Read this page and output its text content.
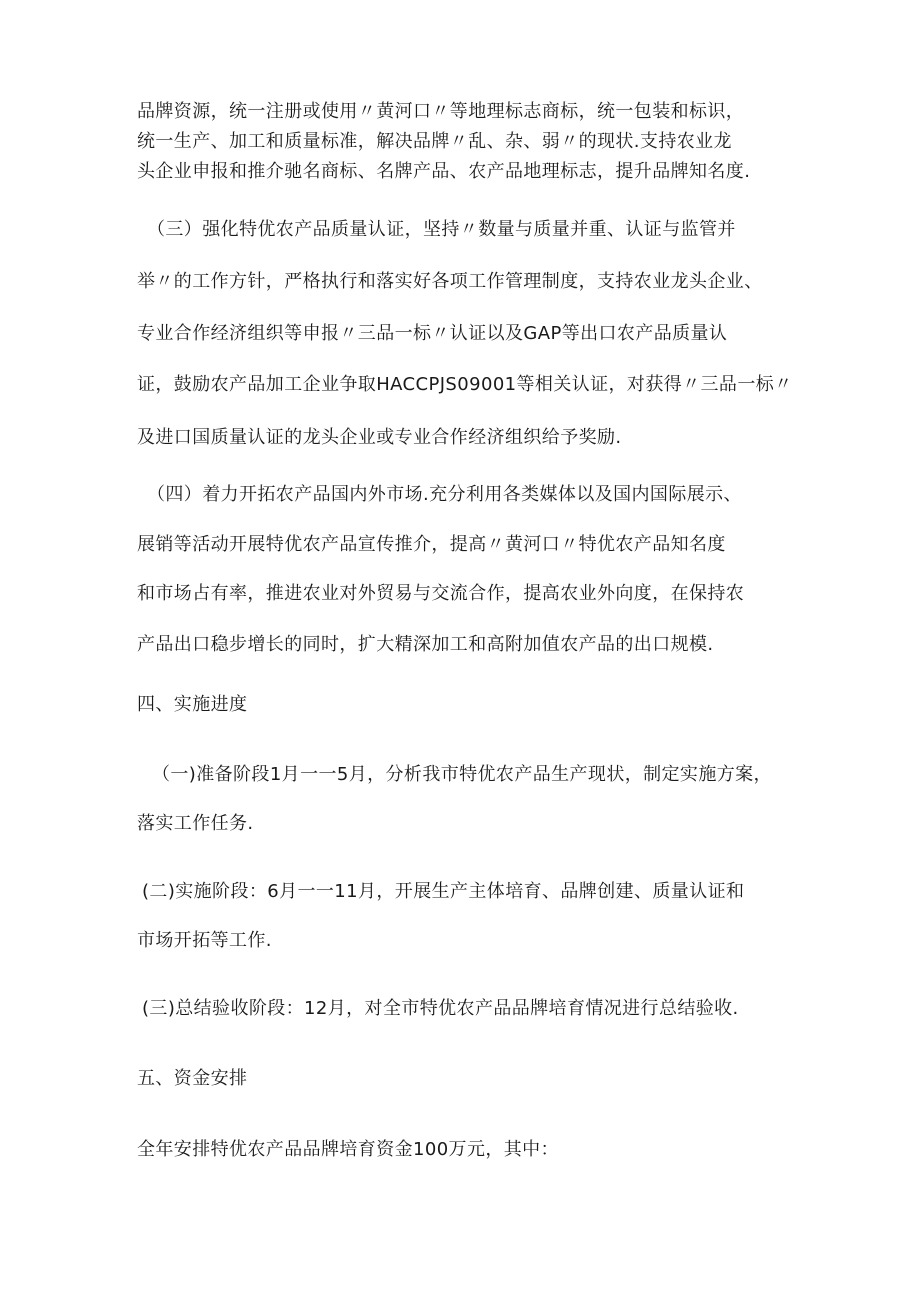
品牌资源，统一注册或使用〃黄河口〃等地理标志商标，统一包装和标识，
统一生产、加工和质量标准，解决品牌〃乱、杂、弱〃的现状.支持农业龙
头企业申报和推介驰名商标、名牌产品、农产品地理标志，提升品牌知名度.
（三）强化特优农产品质量认证，坚持〃数量与质量并重、认证与监管并
举〃的工作方针，严格执行和落实好各项工作管理制度，支持农业龙头企业、
专业合作经济组织等申报〃三品一标〃认证以及GAP等出口农产品质量认
证，鼓励农产品加工企业争取HACCPJS09001等相关认证，对获得〃三品一标〃
及进口国质量认证的龙头企业或专业合作经济组织给予奖励.
（四）着力开拓农产品国内外市场.充分利用各类媒体以及国内国际展示、
展销等活动开展特优农产品宣传推介，提高〃黄河口〃特优农产品知名度
和市场占有率，推进农业对外贸易与交流合作，提高农业外向度，在保持农
产品出口稳步增长的同时，扩大精深加工和高附加值农产品的出口规模.
四、实施进度
（一)准备阶段1月一一5月，分析我市特优农产品生产现状，制定实施方案，
落实工作任务.
(二)实施阶段：6月一一11月，开展生产主体培育、品牌创建、质量认证和
市场开拓等工作.
(三)总结验收阶段：12月，对全市特优农产品品牌培育情况进行总结验收.
五、资金安排
全年安排特优农产品品牌培育资金100万元，其中：
